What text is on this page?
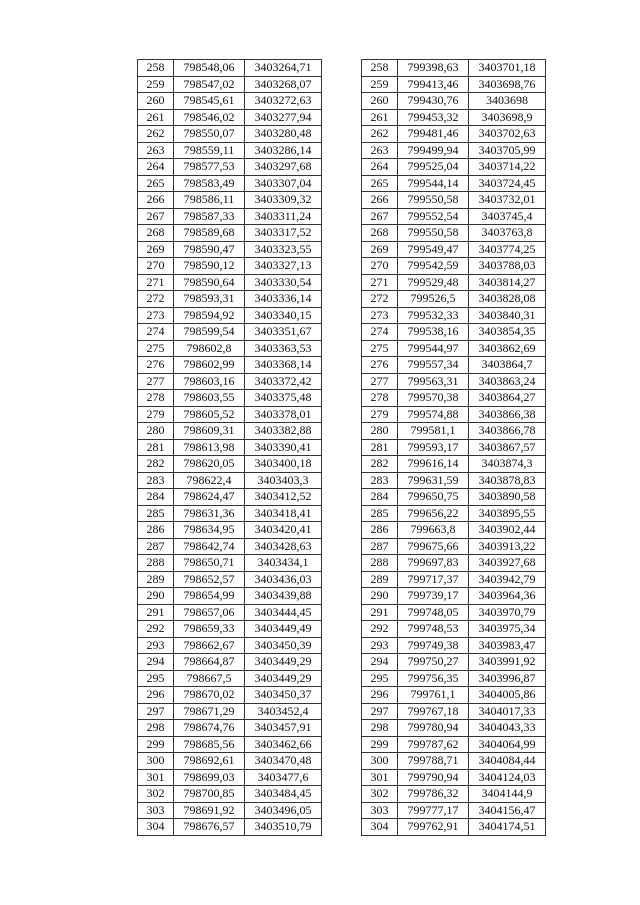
258	798548,06	3403264,71
259	798547,02	3403268,07
260	798545,61	3403272,63
261	798546,02	3403277,94
262	798550,07	3403280,48
263	798559,11	3403286,14
264	798577,53	3403297,68
265	798583,49	3403307,04
266	798586,11	3403309,32
267	798587,33	3403311,24
268	798589,68	3403317,52
269	798590,47	3403323,55
270	798590,12	3403327,13
271	798590,64	3403330,54
272	798593,31	3403336,14
273	798594,92	3403340,15
274	798599,54	3403351,67
275	798602,8	3403363,53
276	798602,99	3403368,14
277	798603,16	3403372,42
278	798603,55	3403375,48
279	798605,52	3403378,01
280	798609,31	3403382,88
281	798613,98	3403390,41
282	798620,05	3403400,18
283	798622,4	3403403,3
284	798624,47	3403412,52
285	798631,36	3403418,41
286	798634,95	3403420,41
287	798642,74	3403428,63
288	798650,71	3403434,1
289	798652,57	3403436,03
290	798654,99	3403439,88
291	798657,06	3403444,45
292	798659,33	3403449,49
293	798662,67	3403450,39
294	798664,87	3403449,29
295	798667,5	3403449,29
296	798670,02	3403450,37
297	798671,29	3403452,4
298	798674,76	3403457,91
299	798685,56	3403462,66
300	798692,61	3403470,48
301	798699,03	3403477,6
302	798700,85	3403484,45
303	798691,92	3403496,05
304	798676,57	3403510,79
258	799398,63	3403701,18
259	799413,46	3403698,76
260	799430,76	3403698
261	799453,32	3403698,9
262	799481,46	3403702,63
263	799499,94	3403705,99
264	799525,04	3403714,22
265	799544,14	3403724,45
266	799550,58	3403732,01
267	799552,54	3403745,4
268	799550,58	3403763,8
269	799549,47	3403774,25
270	799542,59	3403788,03
271	799529,48	3403814,27
272	799526,5	3403828,08
273	799532,33	3403840,31
274	799538,16	3403854,35
275	799544,97	3403862,69
276	799557,34	3403864,7
277	799563,31	3403863,24
278	799570,38	3403864,27
279	799574,88	3403866,38
280	799581,1	3403866,78
281	799593,17	3403867,57
282	799616,14	3403874,3
283	799631,59	3403878,83
284	799650,75	3403890,58
285	799656,22	3403895,55
286	799663,8	3403902,44
287	799675,66	3403913,22
288	799697,83	3403927,68
289	799717,37	3403942,79
290	799739,17	3403964,36
291	799748,05	3403970,79
292	799748,53	3403975,34
293	799749,38	3403983,47
294	799750,27	3403991,92
295	799756,35	3403996,87
296	799761,1	3404005,86
297	799767,18	3404017,33
298	799780,94	3404043,33
299	799787,62	3404064,99
300	799788,71	3404084,44
301	799790,94	3404124,03
302	799786,32	3404144,9
303	799777,17	3404156,47
304	799762,91	3404174,51
